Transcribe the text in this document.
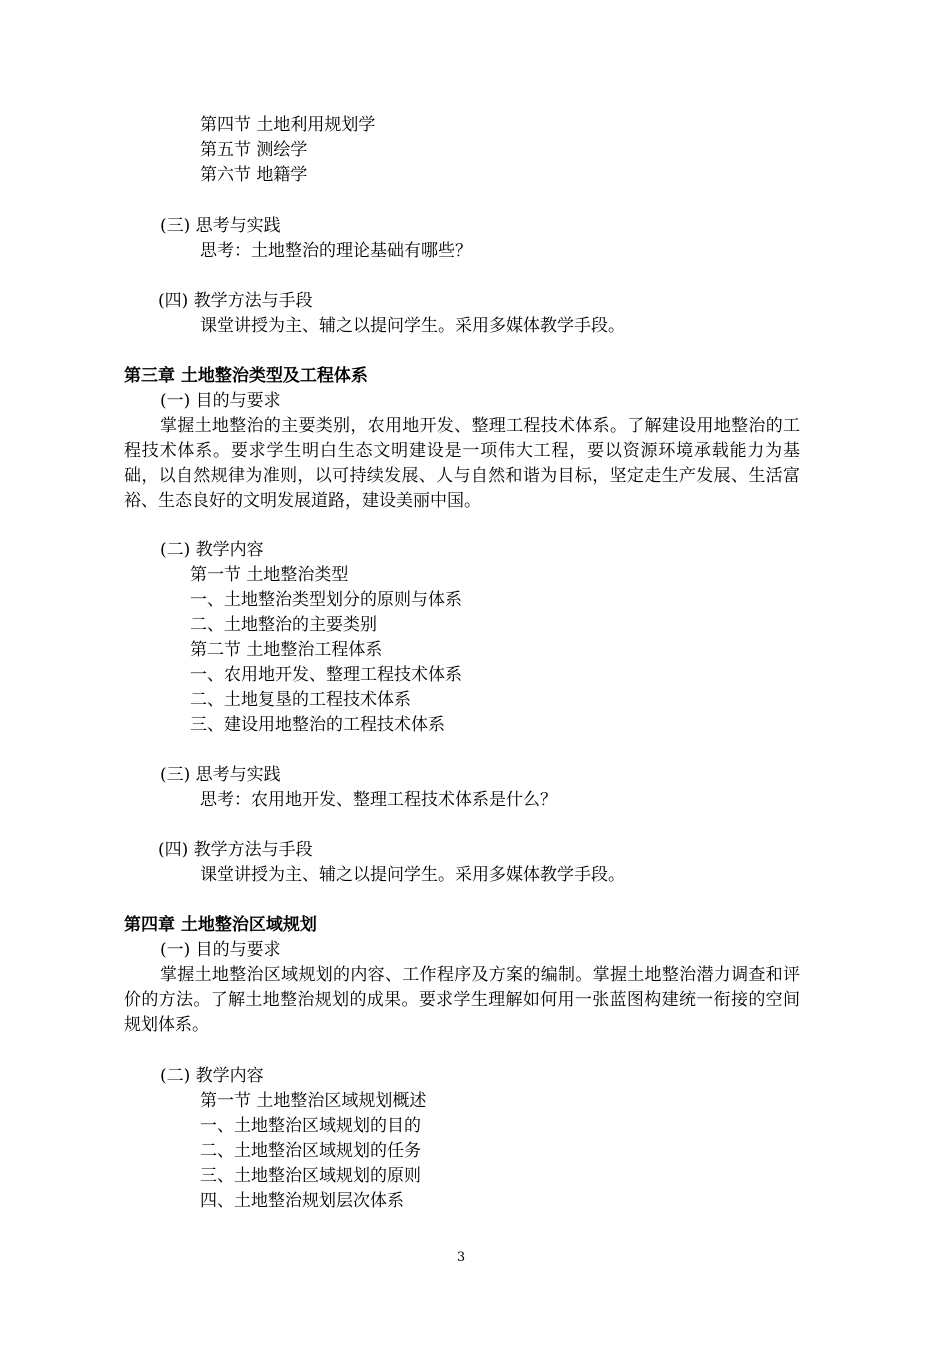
第四节 土地利用规划学

第五节 测绘学

第六节 地籍学

(三) 思考与实践

思考：土地整治的理论基础有哪些？

(四) 教学方法与手段

课堂讲授为主、辅之以提问学生。采用多媒体教学手段。

第三章 土地整治类型及工程体系

(一) 目的与要求

掌握土地整治的主要类别，农用地开发、整理工程技术体系。了解建设用地整治的工程技术体系。要求学生明白生态文明建设是一项伟大工程，要以资源环境承载能力为基础，以自然规律为准则，以可持续发展、人与自然和谐为目标，坚定走生产发展、生活富裕、生态良好的文明发展道路，建设美丽中国。

(二) 教学内容

第一节 土地整治类型

一、土地整治类型划分的原则与体系

二、土地整治的主要类别

第二节 土地整治工程体系

一、农用地开发、整理工程技术体系

二、土地复垦的工程技术体系

三、建设用地整治的工程技术体系

(三) 思考与实践

思考：农用地开发、整理工程技术体系是什么？

(四) 教学方法与手段

课堂讲授为主、辅之以提问学生。采用多媒体教学手段。

第四章 土地整治区域规划

(一) 目的与要求

掌握土地整治区域规划的内容、工作程序及方案的编制。掌握土地整治潜力调查和评价的方法。了解土地整治规划的成果。要求学生理解如何用一张蓝图构建统一衔接的空间规划体系。

(二) 教学内容

第一节 土地整治区域规划概述

一、土地整治区域规划的目的

二、土地整治区域规划的任务

三、土地整治区域规划的原则

四、土地整治规划层次体系

3
